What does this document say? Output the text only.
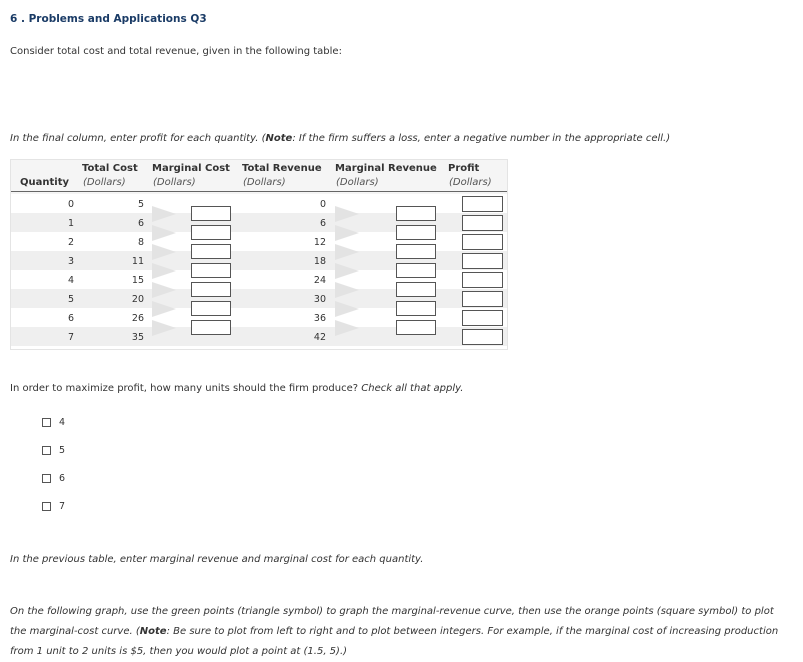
6 . Problems and Applications Q3
Consider total cost and total revenue, given in the following table:
In the final column, enter profit for each quantity. (Note: If the firm suffers a loss, enter a negative number in the appropriate cell.)
Quantity
Total Cost
(Dollars)
Marginal Cost
(Dollars)
Total Revenue
(Dollars)
Marginal Revenue
(Dollars)
Profit
(Dollars)
0
1
2
3
4
5
6
7
5
6
8
11
15
20
26
35
0
6
12
18
24
30
36
42
In order to maximize profit, how many units should the firm produce? Check all that apply.
4
5
6
7
In the previous table, enter marginal revenue and marginal cost for each quantity.
On the following graph, use the green points (triangle symbol) to graph the marginal-revenue curve, then use the orange points (square symbol) to plot the marginal-cost curve. (Note: Be sure to plot from left to right and to plot between integers. For example, if the marginal cost of increasing production from 1 unit to 2 units is $5, then you would plot a point at (1.5, 5).)
